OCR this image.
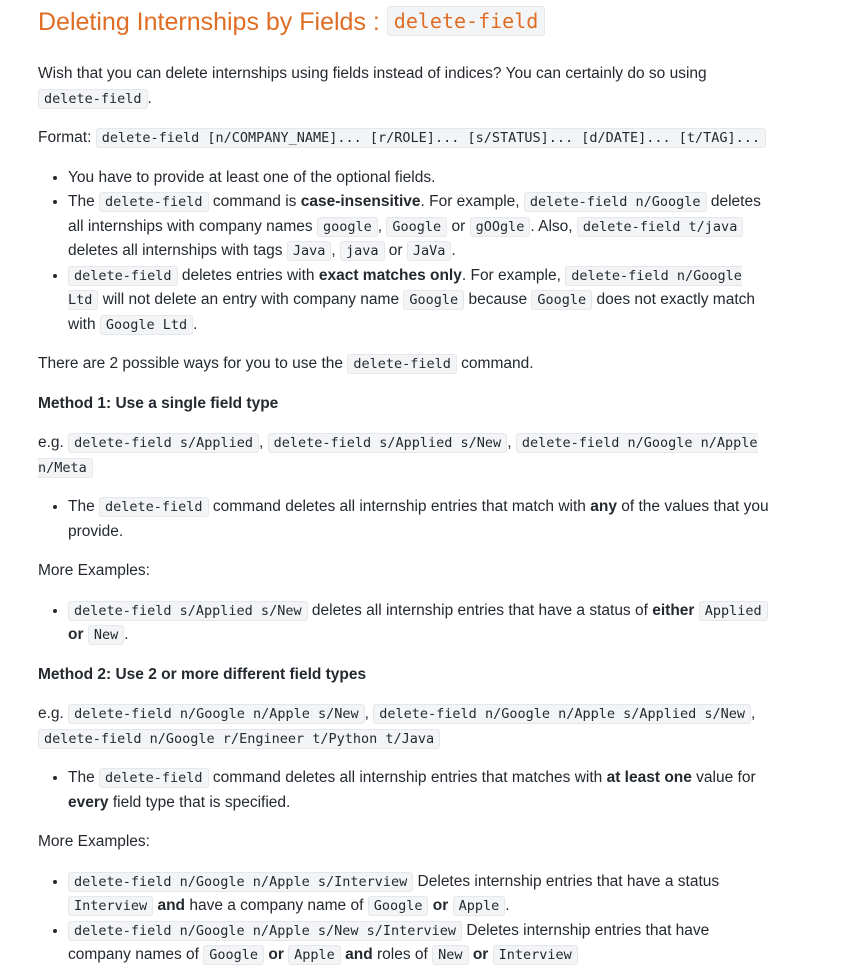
Deleting Internships by Fields : delete-field

Wish that you can delete internships using fields instead of indices? You can certainly do so using delete-field .

Format: delete-field [n/COMPANY_NAME]... [r/ROLE]... [s/STATUS]... [d/DATE]... [t/TAG]...

• You have to provide at least one of the optional fields.
• The delete-field command is case-insensitive. For example, delete-field n/Google deletes all internships with company names google , Google or gOOgle . Also, delete-field t/java deletes all internships with tags Java , java or JaVa .
• delete-field deletes entries with exact matches only. For example, delete-field n/Google Ltd will not delete an entry with company name Google because Google does not exactly match with Google Ltd .

There are 2 possible ways for you to use the delete-field command.

Method 1: Use a single field type

e.g. delete-field s/Applied , delete-field s/Applied s/New , delete-field n/Google n/Apple n/Meta

• The delete-field command deletes all internship entries that match with any of the values that you provide.

More Examples:

• delete-field s/Applied s/New deletes all internship entries that have a status of either Applied or New .
Method 2: Use 2 or more different field types

e.g. delete-field n/Google n/Apple s/New , delete-field n/Google n/Apple s/Applied s/New , delete-field n/Google r/Engineer t/Python t/Java

• The delete-field command deletes all internship entries that matches with at least one value for every field type that is specified.

More Examples:

• delete-field n/Google n/Apple s/Interview Deletes internship entries that have a status Interview and have a company name of Google or Apple .
• delete-field n/Google n/Apple s/New s/Interview Deletes internship entries that have company names of Google or Apple and roles of New or Interview
